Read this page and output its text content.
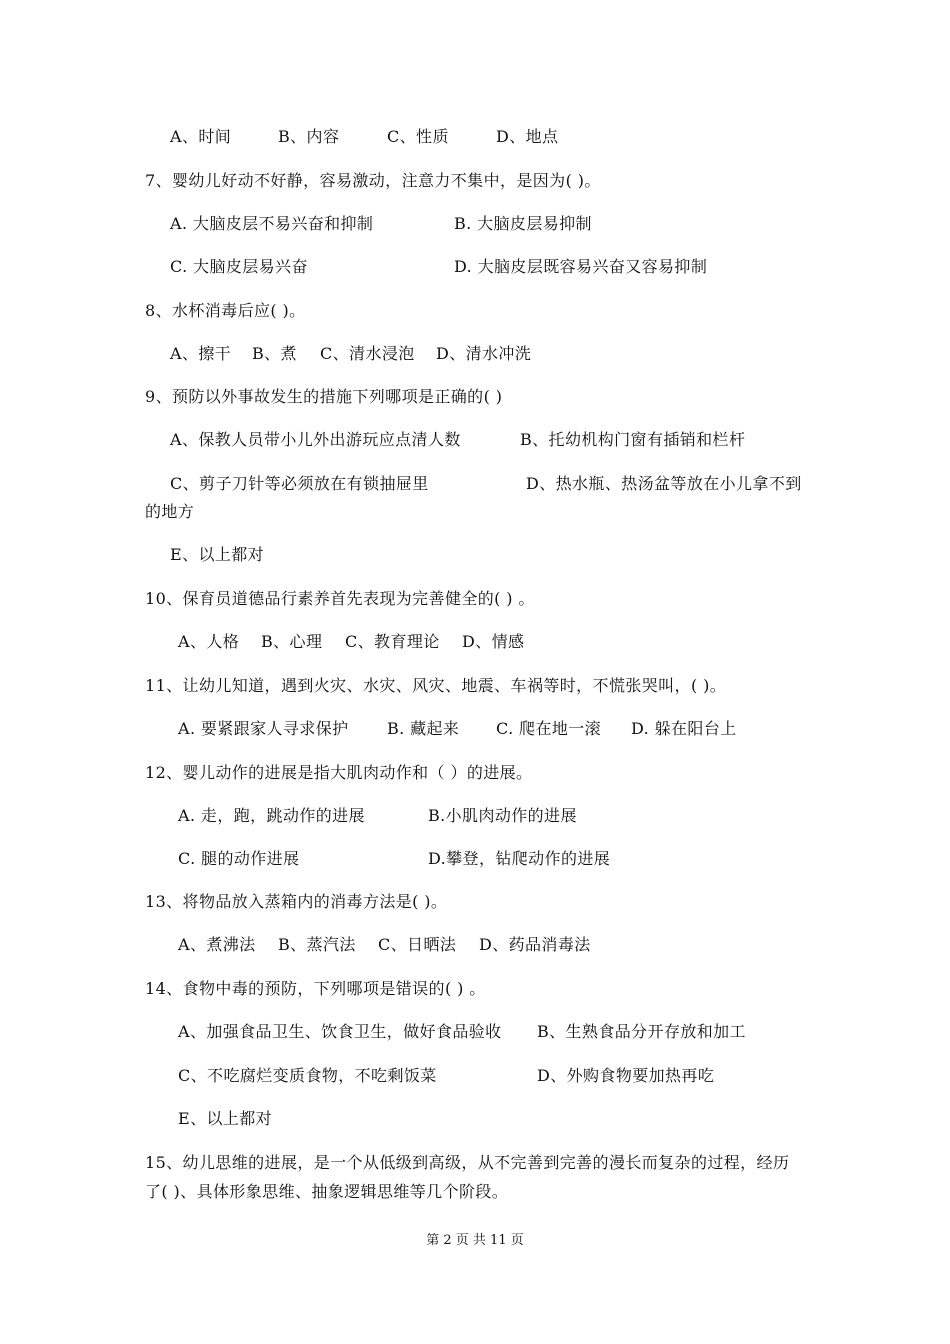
A、时间	B、内容	C、性质	D、地点
7、婴幼儿好动不好静，容易激动，注意力不集中，是因为( )。
A. 大脑皮层不易兴奋和抑制	B. 大脑皮层易抑制
C. 大脑皮层易兴奋	D. 大脑皮层既容易兴奋又容易抑制
8、水杯消毒后应( )。
A、擦干 B、煮 C、清水浸泡 D、清水冲洗
9、预防以外事故发生的措施下列哪项是正确的( )
A、保教人员带小儿外出游玩应点清人数	B、托幼机构门窗有插销和栏杆
C、剪子刀针等必须放在有锁抽屉里	D、热水瓶、热汤盆等放在小儿拿不到
的地方
E、以上都对
10、保育员道德品行素养首先表现为完善健全的( ) 。
A、人格 B、心理 C、教育理论 D、情感
11、让幼儿知道，遇到火灾、水灾、风灾、地震、车祸等时，不慌张哭叫，( )。
A. 要紧跟家人寻求保护 B. 藏起来 C. 爬在地一滚 D. 躲在阳台上
12、婴儿动作的进展是指大肌肉动作和（ ）的进展。
A. 走，跑，跳动作的进展	B.小肌肉动作的进展
C. 腿的动作进展	D.攀登，钻爬动作的进展
13、将物品放入蒸箱内的消毒方法是( )。
A、煮沸法 B、蒸汽法 C、日晒法 D、药品消毒法
14、食物中毒的预防，下列哪项是错误的( ) 。
A、加强食品卫生、饮食卫生，做好食品验收 B、生熟食品分开存放和加工
C、不吃腐烂变质食物，不吃剩饭菜	D、外购食物要加热再吃
E、以上都对
15、幼儿思维的进展，是一个从低级到高级，从不完善到完善的漫长而复杂的过程，经历
了( )、具体形象思维、抽象逻辑思维等几个阶段。
第 2 页 共 11 页
